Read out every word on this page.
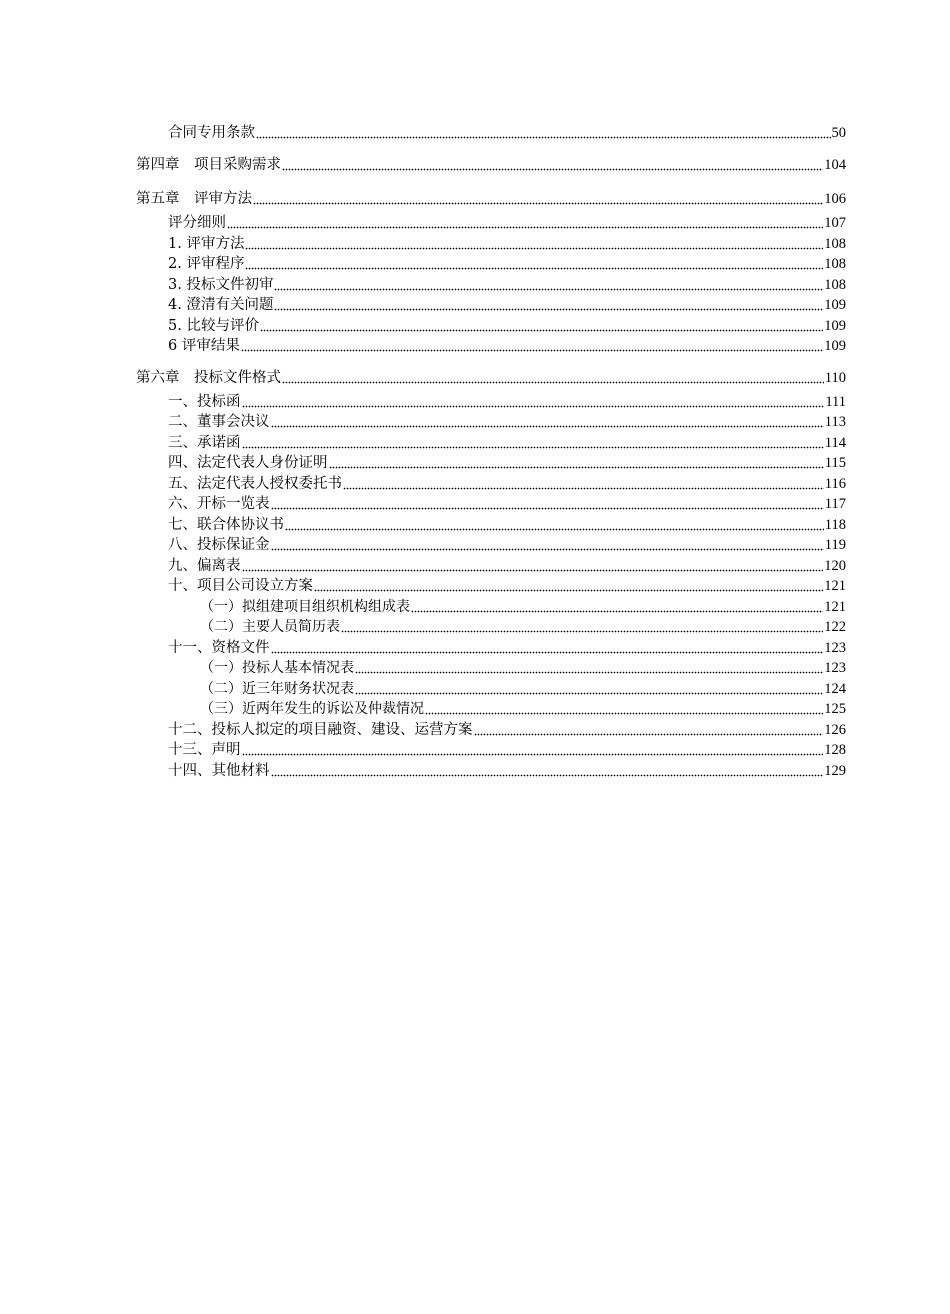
合同专用条款	50
第四章　项目采购需求	104
第五章　评审方法	106
评分细则	107
1. 评审方法	108
2. 评审程序	108
3. 投标文件初审	108
4. 澄清有关问题	109
5. 比较与评价	109
6 评审结果	109
第六章　投标文件格式	110
一、投标函	111
二、董事会决议	113
三、承诺函	114
四、法定代表人身份证明	115
五、法定代表人授权委托书	116
六、开标一览表	117
七、联合体协议书	118
八、投标保证金	119
九、偏离表	120
十、项目公司设立方案	121
（一）拟组建项目组织机构组成表	121
（二）主要人员简历表	122
十一、资格文件	123
（一）投标人基本情况表	123
（二）近三年财务状况表	124
（三）近两年发生的诉讼及仲裁情况	125
十二、投标人拟定的项目融资、建设、运营方案	126
十三、声明	128
十四、其他材料	129
